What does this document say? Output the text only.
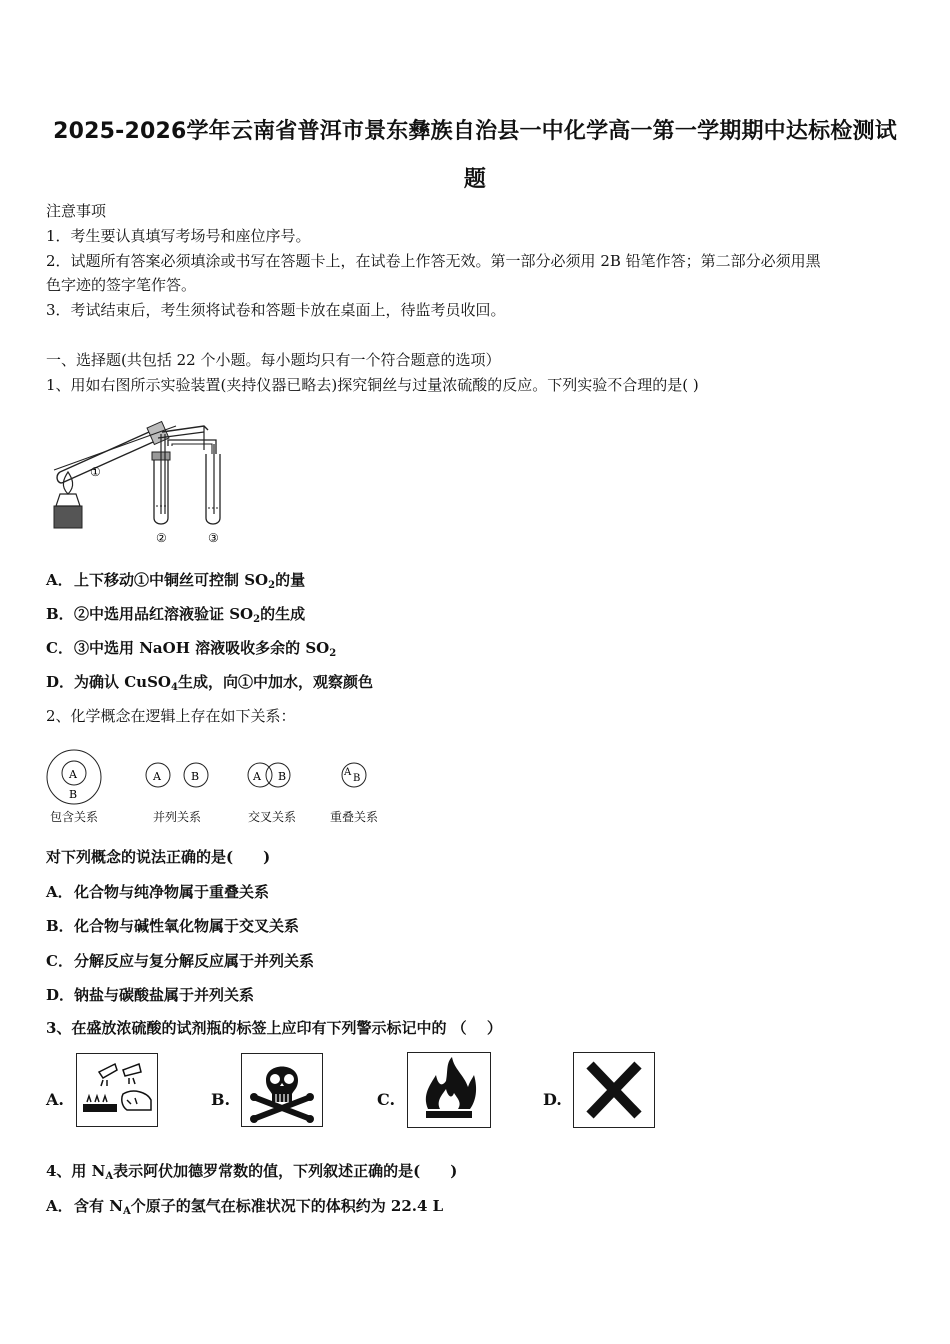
2025-2026学年云南省普洱市景东彝族自治县一中化学高一第一学期期中达标检测试
题
注意事项
1．考生要认真填写考场号和座位序号。
2．试题所有答案必须填涂或书写在答题卡上，在试卷上作答无效。第一部分必须用 2B 铅笔作答；第二部分必须用黑
色字迹的签字笔作答。
3．考试结束后，考生须将试卷和答题卡放在桌面上，待监考员收回。
一、选择题(共包括 22 个小题。每小题均只有一个符合题意的选项）
1、用如右图所示实验装置(夹持仪器已略去)探究铜丝与过量浓硫酸的反应。下列实验不合理的是( )
①
②	③
A．上下移动①中铜丝可控制 $SO_2$的量
B．②中选用品红溶液验证 $SO_2$的生成
C．③中选用 NaOH 溶液吸收多余的 $SO_2$
D．为确认 CuSO$_4$生成，向①中加水，观察颜色
2、化学概念在逻辑上存在如下关系：
A
B
A	B	A B	A
B
包含关系	并列关系	交叉关系	重叠关系
对下列概念的说法正确的是(　　)
A．化合物与纯净物属于重叠关系
B．化合物与碱性氧化物属于交叉关系
C．分解反应与复分解反应属于并列关系
D．钠盐与碳酸盐属于并列关系
3、在盛放浓硫酸的试剂瓶的标签上应印有下列警示标记中的 （　 ）
A.	B.	C.	D.
4、用 $N_A$表示阿伏加德罗常数的值，下列叙述正确的是(　　)
A．含有 $N_A$个原子的氢气在标准状况下的体积约为 22.4 L
